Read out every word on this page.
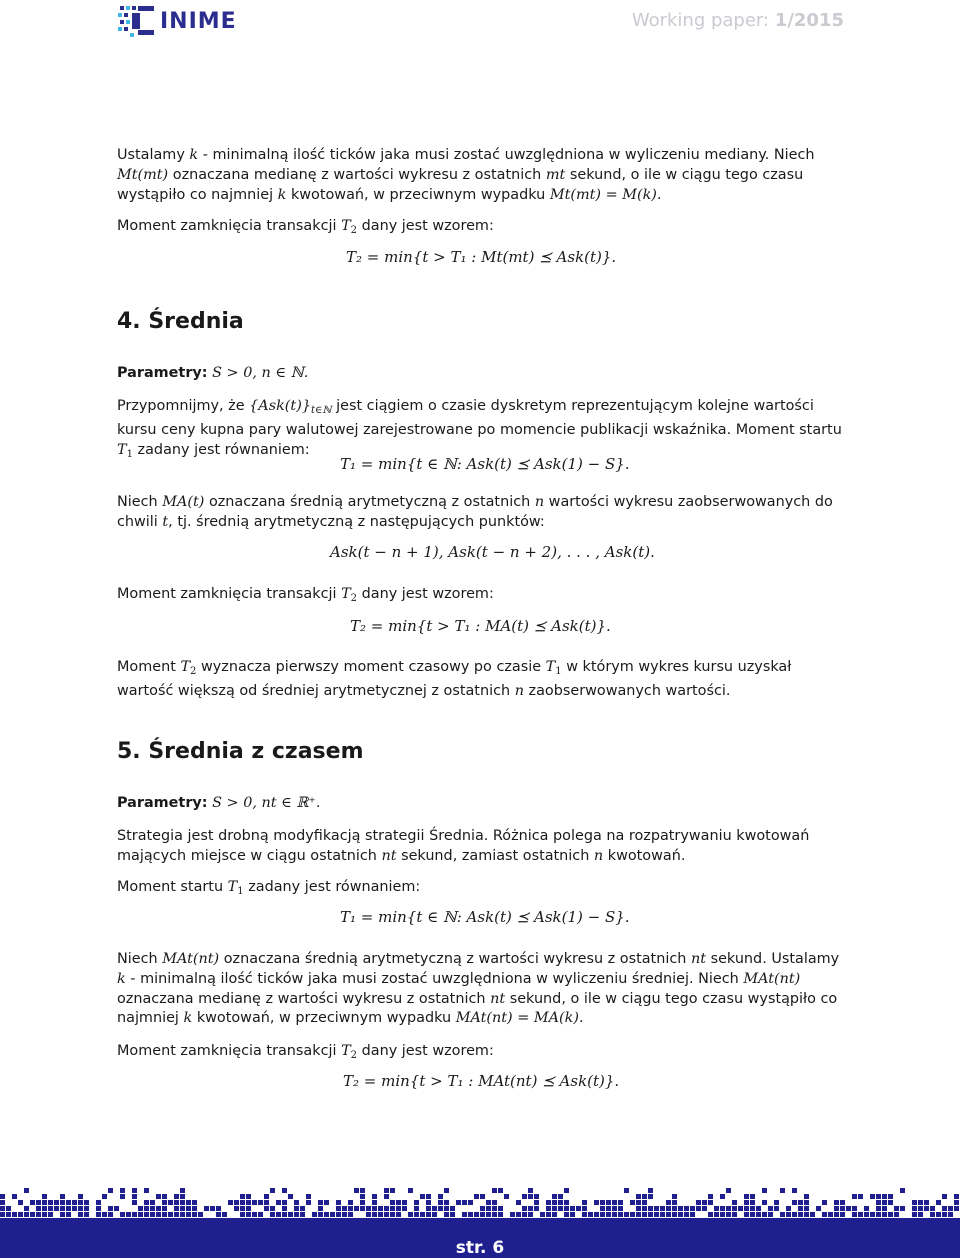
INIME	Working paper: 1/2015
Ustalamy k - minimalną ilość ticków jaka musi zostać uwzględniona w wyliczeniu mediany. Niech Mt(mt) oznaczana medianę z wartości wykresu z ostatnich mt sekund, o ile w ciągu tego czasu wystąpiło co najmniej k kwotowań, w przeciwnym wypadku Mt(mt) = M(k).
Moment zamknięcia transakcji $T_2$ dany jest wzorem:
T₂ = min{t > T₁ : Mt(mt) ⪯ Ask(t)}.
4. Średnia
Parametry: S > 0, n ∈ ℕ.
Przypomnijmy, że $\{Ask(t)\}_{t\in ℕ}$ jest ciągiem o czasie dyskretym reprezentującym kolejne wartości kursu ceny kupna pary walutowej zarejestrowane po momencie publikacji wskaźnika. Moment startu $T_1$ zadany jest równaniem:
T₁ = min{t ∈ ℕ: Ask(t) ⪯ Ask(1) − S}.
Niech MA(t) oznaczana średnią arytmetyczną z ostatnich n wartości wykresu zaobserwowanych do chwili t, tj. średnią arytmetyczną z następujących punktów:
Ask(t − n + 1), Ask(t − n + 2), . . . , Ask(t).
Moment zamknięcia transakcji $T_2$ dany jest wzorem:
T₂ = min{t > T₁ : MA(t) ⪯ Ask(t)}.
Moment $T_2$ wyznacza pierwszy moment czasowy po czasie $T_1$ w którym wykres kursu uzyskał wartość większą od średniej arytmetycznej z ostatnich n zaobserwowanych wartości.
5. Średnia z czasem
Parametry: S > 0, nt ∈ ℝ⁺.
Strategia jest drobną modyfikacją strategii Średnia. Różnica polega na rozpatrywaniu kwotowań mających miejsce w ciągu ostatnich nt sekund, zamiast ostatnich n kwotowań.
Moment startu $T_1$ zadany jest równaniem:
T₁ = min{t ∈ ℕ: Ask(t) ⪯ Ask(1) − S}.
Niech MAt(nt) oznaczana średnią arytmetyczną z wartości wykresu z ostatnich nt sekund. Ustalamy k - minimalną ilość ticków jaka musi zostać uwzględniona w wyliczeniu średniej. Niech MAt(nt) oznaczana medianę z wartości wykresu z ostatnich nt sekund, o ile w ciągu tego czasu wystąpiło co najmniej k kwotowań, w przeciwnym wypadku MAt(nt) = MA(k).
Moment zamknięcia transakcji $T_2$ dany jest wzorem:
T₂ = min{t > T₁ : MAt(nt) ⪯ Ask(t)}.
str. 6
